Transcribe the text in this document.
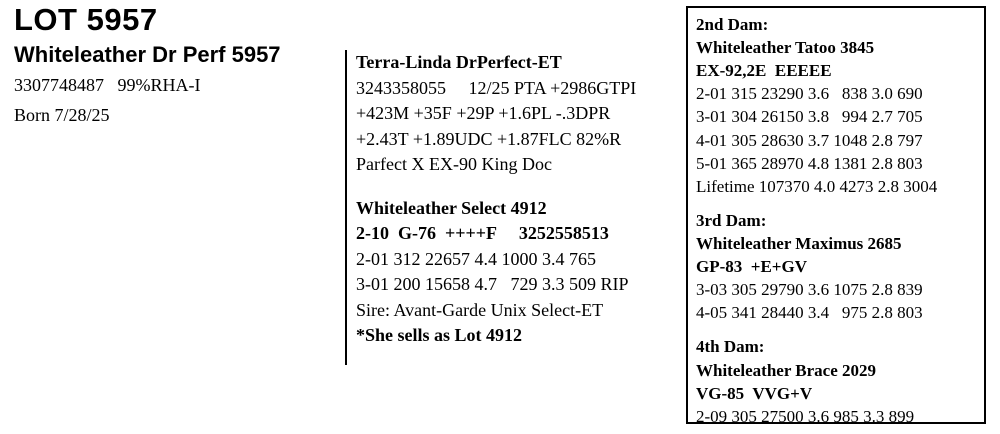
LOT 5957
Whiteleather Dr Perf 5957
3307748487   99%RHA-I
Born 7/28/25
Terra-Linda DrPerfect-ET
3243358055     12/25 PTA +2986GTPI
+423M +35F +29P +1.6PL -.3DPR
+2.43T +1.89UDC +1.87FLC 82%R
Parfect X EX-90 King Doc
Whiteleather Select 4912
2-10  G-76  ++++F     3252558513
2-01 312 22657 4.4 1000 3.4 765
3-01 200 15658 4.7   729 3.3 509 RIP
Sire: Avant-Garde Unix Select-ET
*She sells as Lot 4912
2nd Dam:
Whiteleather Tatoo 3845
EX-92,2E  EEEEE
2-01 315 23290 3.6   838 3.0 690
3-01 304 26150 3.8   994 2.7 705
4-01 305 28630 3.7 1048 2.8 797
5-01 365 28970 4.8 1381 2.8 803
Lifetime 107370 4.0 4273 2.8 3004
3rd Dam:
Whiteleather Maximus 2685
GP-83  +E+GV
3-03 305 29790 3.6 1075 2.8 839
4-05 341 28440 3.4   975 2.8 803
4th Dam:
Whiteleather Brace 2029
VG-85  VVG+V
2-09 305 27500 3.6 985 3.3 899
